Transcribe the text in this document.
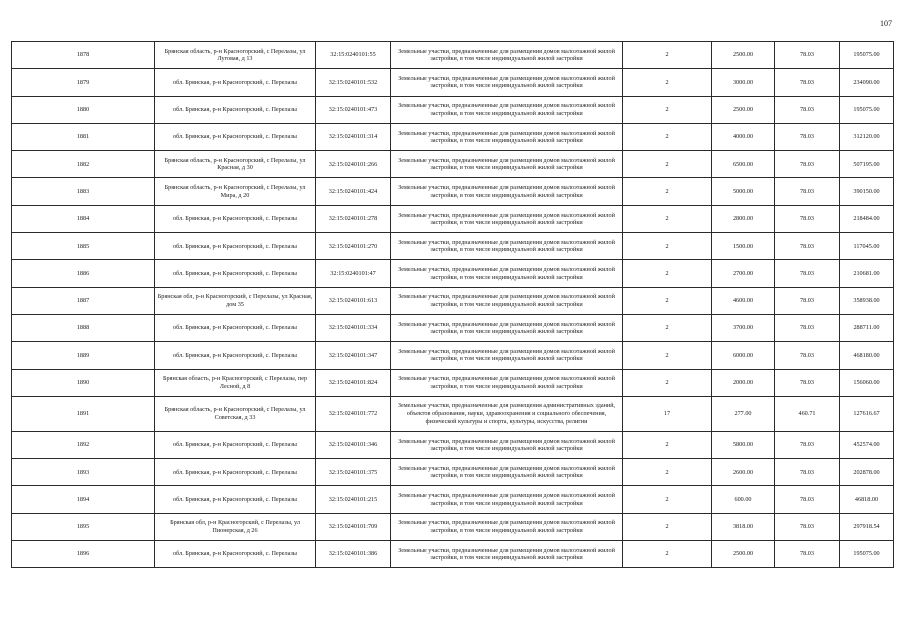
107
1878	Брянская область, р-н Красногорский, с Перелазы, ул Луговая, д 13	32:15:0240101:55	Земельные участки, предназначенные для размещения домов малоэтажной жилой застройки, в том числе индивидуальной жилой застройки	2	2500.00	78.03	195075.00
1879	обл. Брянская, р-н Красногорский, с. Перелазы	32:15:0240101:532	Земельные участки, предназначенные для размещения домов малоэтажной жилой застройки, в том числе индивидуальной жилой застройки	2	3000.00	78.03	234090.00
1880	обл. Брянская, р-н Красногорский, с. Перелазы	32:15:0240101:473	Земельные участки, предназначенные для размещения домов малоэтажной жилой застройки, в том числе индивидуальной жилой застройки	2	2500.00	78.03	195075.00
1881	обл. Брянская, р-н Красногорский, с. Перелазы	32:15:0240101:314	Земельные участки, предназначенные для размещения домов малоэтажной жилой застройки, в том числе индивидуальной жилой застройки	2	4000.00	78.03	312120.00
1882	Брянская область, р-н Красногорский, с Перелазы, ул Красная, д 30	32:15:0240101:266	Земельные участки, предназначенные для размещения домов малоэтажной жилой застройки, в том числе индивидуальной жилой застройки	2	6500.00	78.03	507195.00
1883	Брянская область, р-н Красногорский, с Перелазы, ул Мира, д 20	32:15:0240101:424	Земельные участки, предназначенные для размещения домов малоэтажной жилой застройки, в том числе индивидуальной жилой застройки	2	5000.00	78.03	390150.00
1884	обл. Брянская, р-н Красногорский, с. Перелазы	32:15:0240101:278	Земельные участки, предназначенные для размещения домов малоэтажной жилой застройки, в том числе индивидуальной жилой застройки	2	2800.00	78.03	218484.00
1885	обл. Брянская, р-н Красногорский, с. Перелазы	32:15:0240101:270	Земельные участки, предназначенные для размещения домов малоэтажной жилой застройки, в том числе индивидуальной жилой застройки	2	1500.00	78.03	117045.00
1886	обл. Брянская, р-н Красногорский, с. Перелазы	32:15:0240101:47	Земельные участки, предназначенные для размещения домов малоэтажной жилой застройки, в том числе индивидуальной жилой застройки	2	2700.00	78.03	210681.00
1887	Брянская обл, р-н Красногорский, с Перелазы, ул Красная, дом 35	32:15:0240101:613	Земельные участки, предназначенные для размещения домов малоэтажной жилой застройки, в том числе индивидуальной жилой застройки	2	4600.00	78.03	358938.00
1888	обл. Брянская, р-н Красногорский, с. Перелазы	32:15:0240101:334	Земельные участки, предназначенные для размещения домов малоэтажной жилой застройки, в том числе индивидуальной жилой застройки	2	3700.00	78.03	288711.00
1889	обл. Брянская, р-н Красногорский, с. Перелазы	32:15:0240101:347	Земельные участки, предназначенные для размещения домов малоэтажной жилой застройки, в том числе индивидуальной жилой застройки	2	6000.00	78.03	468180.00
1890	Брянская область, р-н Красногорский, с Перелазы, пер Лесной, д 8	32:15:0240101:824	Земельные участки, предназначенные для размещения домов малоэтажной жилой застройки, в том числе индивидуальной жилой застройки	2	2000.00	78.03	156060.00
1891	Брянская область, р-н Красногорский, с Перелазы, ул Советская, д 33	32:15:0240101:772	Земельные участки, предназначенные для размещения административных зданий, объектов образования, науки, здравоохранения и социального обеспечения, физической культуры и спорта, культуры, искусства, религии	17	277.00	460.71	127616.67
1892	обл. Брянская, р-н Красногорский, с. Перелазы	32:15:0240101:346	Земельные участки, предназначенные для размещения домов малоэтажной жилой застройки, в том числе индивидуальной жилой застройки	2	5800.00	78.03	452574.00
1893	обл. Брянская, р-н Красногорский, с. Перелазы	32:15:0240101:375	Земельные участки, предназначенные для размещения домов малоэтажной жилой застройки, в том числе индивидуальной жилой застройки	2	2600.00	78.03	202878.00
1894	обл. Брянская, р-н Красногорский, с. Перелазы	32:15:0240101:215	Земельные участки, предназначенные для размещения домов малоэтажной жилой застройки, в том числе индивидуальной жилой застройки	2	600.00	78.03	46818.00
1895	Брянская обл, р-н Красногорский, с Перелазы, ул Пионерская, д 26	32:15:0240101:709	Земельные участки, предназначенные для размещения домов малоэтажной жилой застройки, в том числе индивидуальной жилой застройки	2	3818.00	78.03	297918.54
1896	обл. Брянская, р-н Красногорский, с. Перелазы	32:15:0240101:386	Земельные участки, предназначенные для размещения домов малоэтажной жилой застройки, в том числе индивидуальной жилой застройки	2	2500.00	78.03	195075.00
